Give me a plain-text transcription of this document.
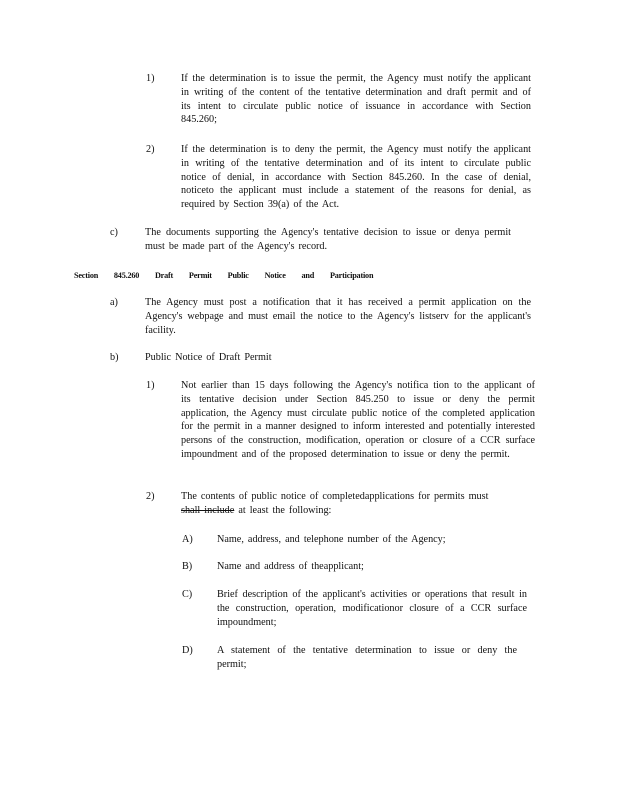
1)	If the determination is to issue the permit, the Agency must notify the applicant in writing of the content of the tentative determination and draft permit and of its intent to circulate public notice of issuance in accordance with Section 845.260;

2)	If the determination is to deny the permit, the Agency must notify the applicant in writing of the tentative determination and of its intent to circulate public notice of denial, in accordance with Section 845.260. In the case of denial, noticeto the applicant must include a statement of the reasons for denial, as required by Section 39(a) of the Act.

c)	The documents supporting the Agency's tentative decision to issue or denya permit must be made part of the Agency's record.

Section 845.260 Draft Permit Public Notice and Participation
a)	The Agency must post a notification that it has received a permit application on the Agency's webpage and must email the notice to the Agency's listserv for the applicant's facility.

b)	Public Notice of Draft Permit

1)	Not earlier than 15 days following the Agency's notifica tion to the applicant of its tentative decision under Section 845.250 to issue or deny the permit application, the Agency must circulate public notice of the completed application for the permit in a manner designed to inform interested and potentially interested persons of the construction, modification, operation or closure of a CCR surface impoundment and of the proposed determination to issue or deny the permit.

2)	The contents of public notice of completedapplications for permits must
shall include at least the following:

A) Name, address, and telephone number of the Agency;

B) Name and address of theapplicant;

C) Brief description of the applicant's activities or operations that result in the construction, operation, modificationor closure of a CCR surface impoundment;

D) A statement of the tentative determination to issue or deny the permit;
